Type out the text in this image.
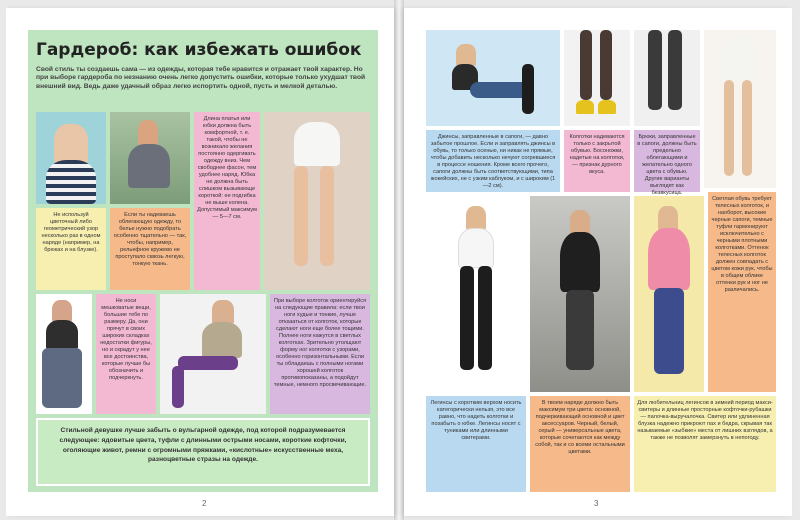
Гардероб: как избежать ошибок
Свой стиль ты создаешь сама — из одежды, которая тебе нравится и отражает твой характер. Но при выборе гардероба по незнанию очень легко допустить ошибки, которые только ухудшат твой внешний вид. Ведь даже удачный образ легко испортить одной, пусть и мелкой деталью.
Длина платья или юбки должна быть комфортной, т. е. такой, чтобы не возникало желания постоянно одергивать одежду вниз. Чем свободнее фасон, тем удобнее наряд. Юбка не должна быть слишком вызывающе короткой: ее подгибка не выше колена. Допустимый максимум — 5—7 см.
Не используй цветочный либо геометрический узор несколько раз в одном наряде (например, на брюках и на блузке).
Если ты надеваешь облегающую одежду, то белье нужно подобрать особенно тщательно — так, чтобы, например, рельефное кружево не проступало сквозь легкую, тонкую ткань.
Не носи мешковатые вещи, большие тебе по размеру. Да, они прячут в своих широких складках недостатки фигуры, но и скрадут у нее все достоинства, которые лучше бы обозначить и подчеркнуть.
При выборе колготок ориентируйся на следующие правила: если твои ноги худые и тонкие, лучше отказаться от колготок, которые сделают ноги еще более тощими. Полнее ноги кажутся в светлых колготках. Зрительно утолщают форму ног колготки с узорами, особенно горизонтальными. Если ты обладаешь с полными ногами хорошей колготок противопоказаны, а подойдут темные, немного просвечивающие.
Стильной девушке лучше забыть о вульгарной одежде, под которой подразумевается следующее: ядовитые цвета, туфли с длинными острыми носами, короткие кофточки, оголяющие живот, ремни с огромными пряжками, «кислотные» искусственные меха, разноцветные стразы на одежде.
2
Джинсы, заправленные в сапоги, — давно забытое прошлое. Если и заправлять джинсы в обувь, то только осенью, ни никак не прямые, чтобы добавить несколько нечуют согревшиеся в процессе ношения. Кроме всего прочего, сапоги должны быть соответствующими, типа жокейских, не с узким каблуком, и с широким (1—2 см).
Колготки надеваются только с закрытой обувью. Босоножки, надетые на колготки, — признак дурного вкуса.
Брюки, заправленные в сапоги, должны быть предельно облегающими и желательно одного цвета с обувью. Другие варианты выглядят как безвкусица.
Светлая обувь требует телесных колготок, и наоборот, высокие черные сапоги, темные туфли гармонируют исключительно с черными плотными колготками. Оттенок телесных колготок должен совпадать с цветом кожи рук, чтобы в общем облике оттенки рук и ног не различались.
Легинсы с коротким верхом носить категорически нельзя, это все равно, что надеть колготки и позабыть о юбке. Легинсы носят с туниками или длинными свитерами.
В твоем наряде должно быть максимум три цвета: основной, подчеркивающий основной и цвет аксессуаров. Черный, белый, серый — универсальные цвета, которые сочетаются как между собой, так и со всеми остальными цветами.
Для любительниц легинсов в зимний период макси-свитеры и длинные просторные кофточки-рубашки — палочка-выручалочка. Свитер или удлиненная блузка надежно прикроют пах и бедра, скрывая так называемые «зыбкие» места от лишних взглядов, а также не позволят замерзнуть в непогоду.
3
